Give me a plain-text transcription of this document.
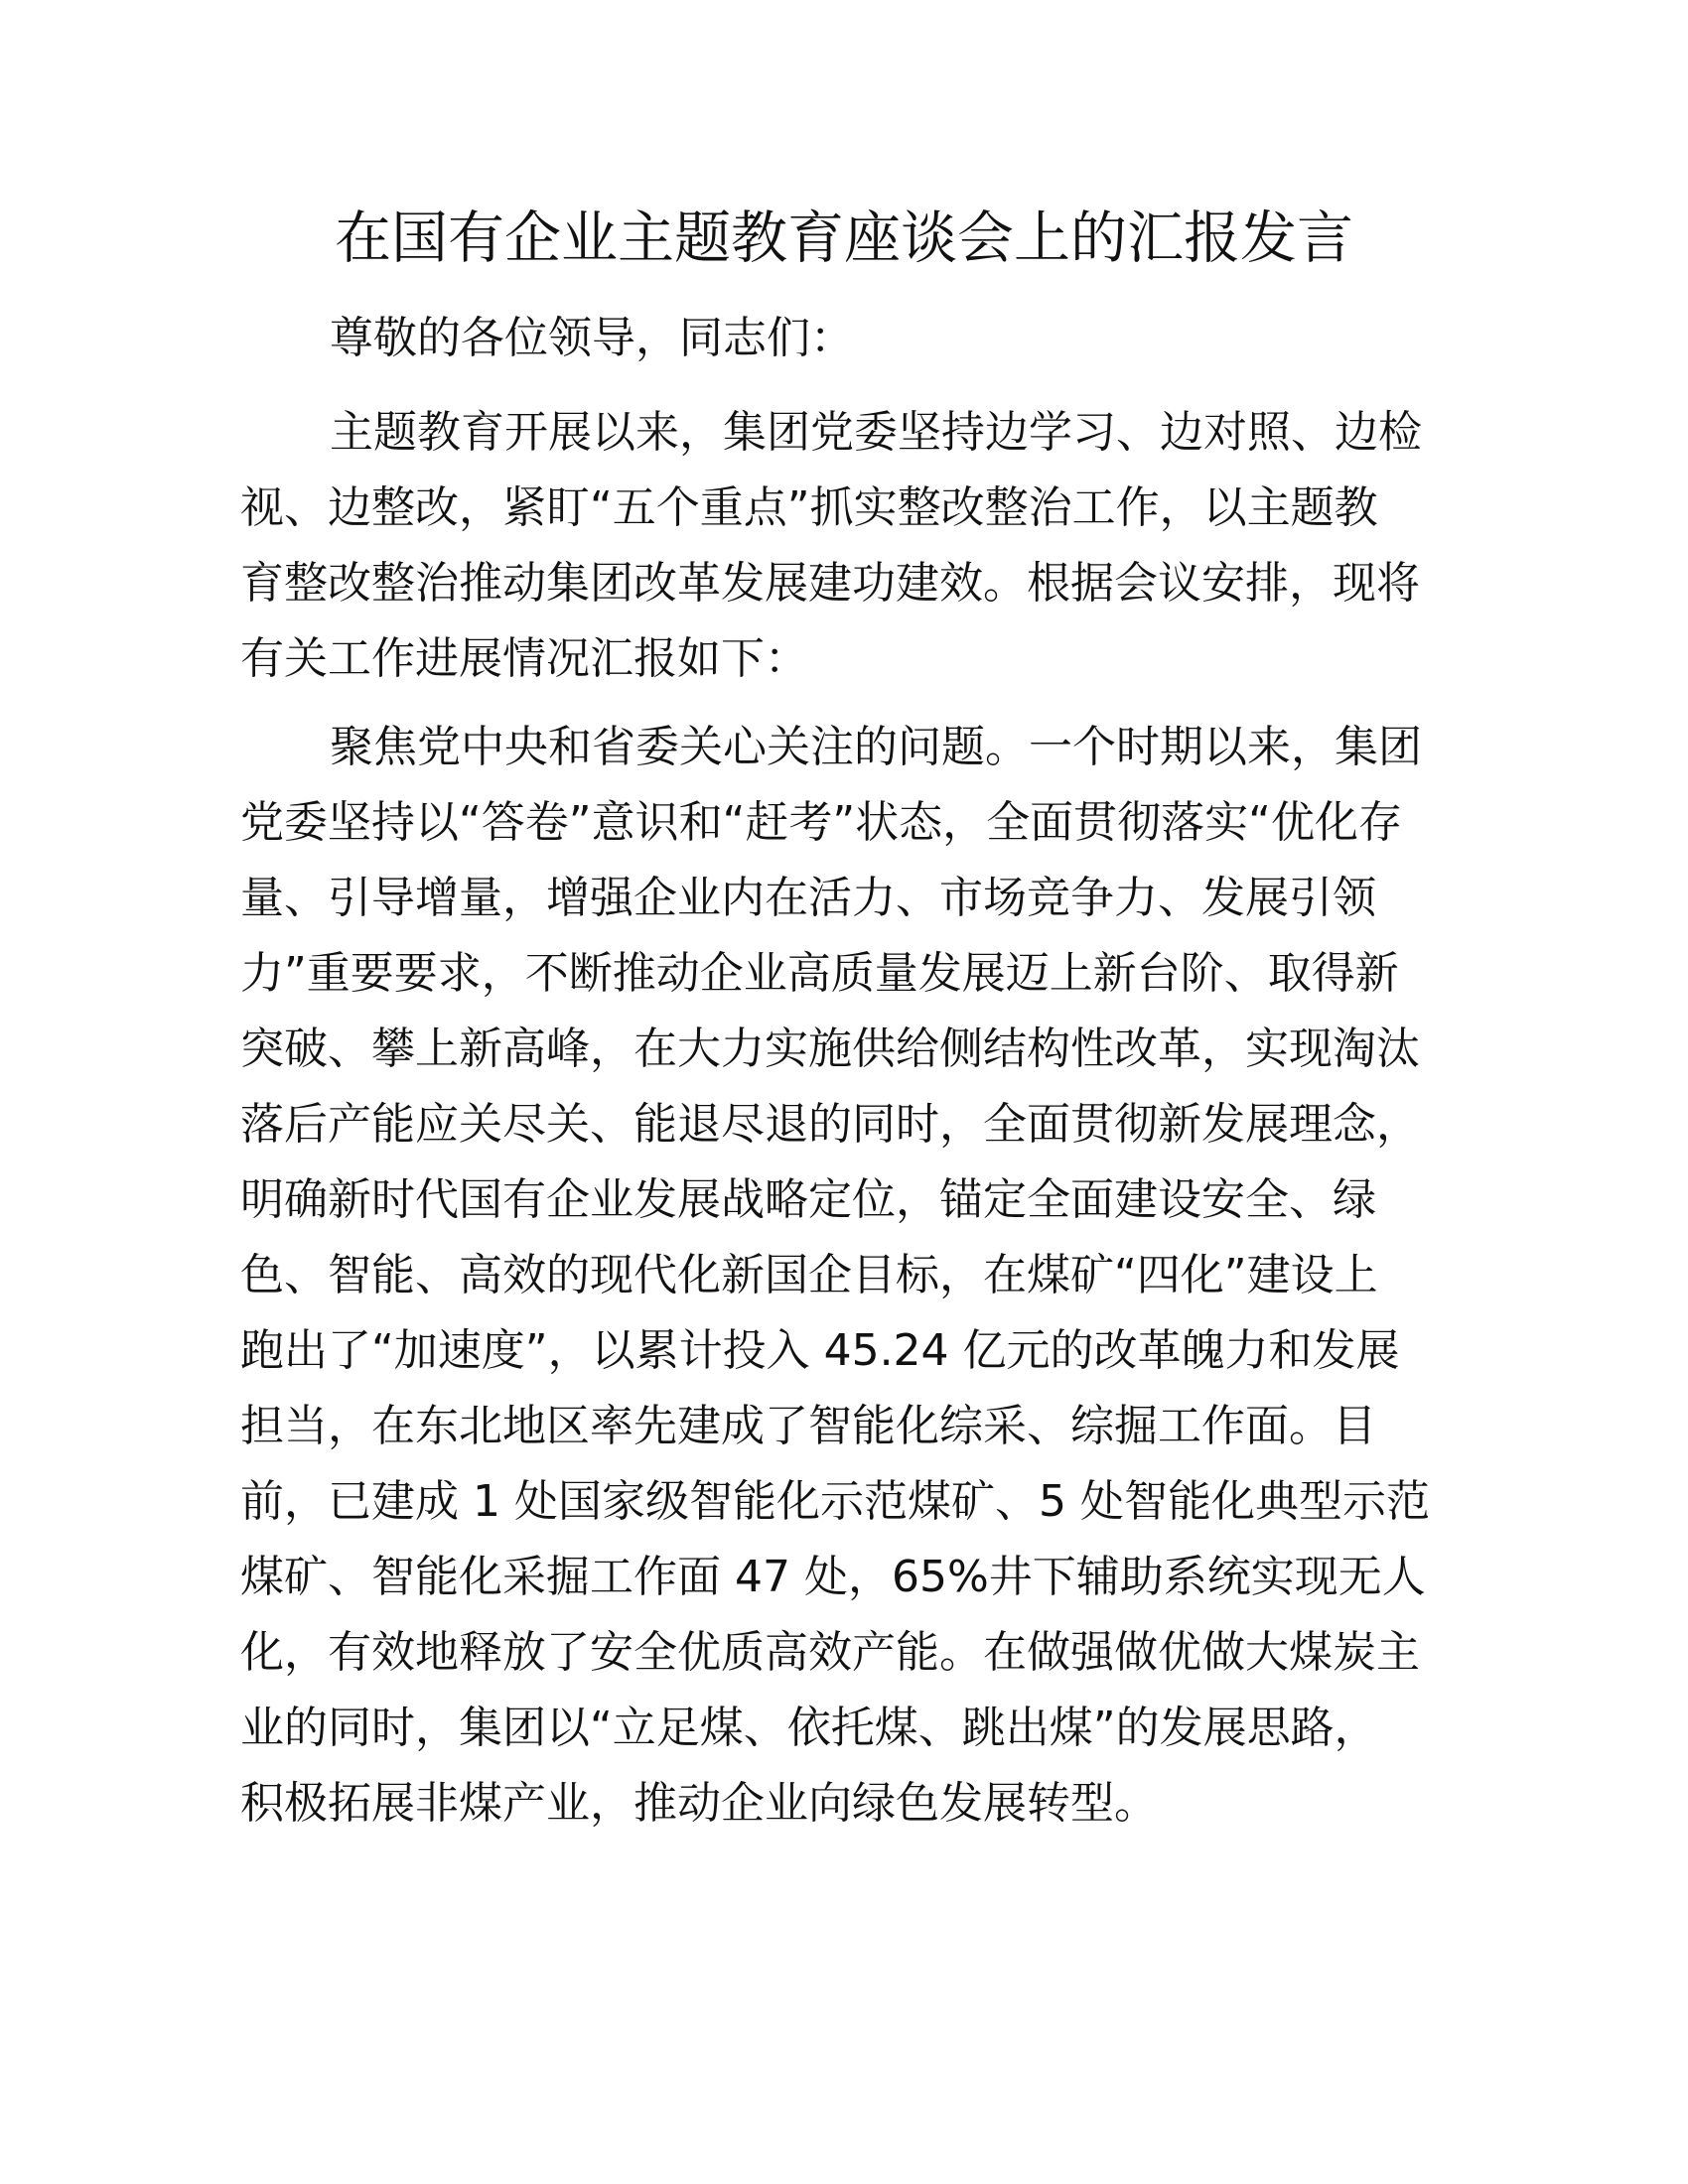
在国有企业主题教育座谈会上的汇报发言
尊敬的各位领导，同志们：
主题教育开展以来，集团党委坚持边学习、边对照、边检
视、边整改，紧盯“五个重点”抓实整改整治工作，以主题教
育整改整治推动集团改革发展建功建效。根据会议安排，现将
有关工作进展情况汇报如下：
聚焦党中央和省委关心关注的问题。一个时期以来，集团
党委坚持以“答卷”意识和“赶考”状态，全面贯彻落实“优化存
量、引导增量，增强企业内在活力、市场竞争力、发展引领
力”重要要求，不断推动企业高质量发展迈上新台阶、取得新
突破、攀上新高峰，在大力实施供给侧结构性改革，实现淘汰
落后产能应关尽关、能退尽退的同时，全面贯彻新发展理念，
明确新时代国有企业发展战略定位，锚定全面建设安全、绿
色、智能、高效的现代化新国企目标，在煤矿“四化”建设上
跑出了“加速度”，以累计投入 45.24 亿元的改革魄力和发展
担当，在东北地区率先建成了智能化综采、综掘工作面。目
前，已建成 1 处国家级智能化示范煤矿、5 处智能化典型示范
煤矿、智能化采掘工作面 47 处，65%井下辅助系统实现无人
化，有效地释放了安全优质高效产能。在做强做优做大煤炭主
业的同时，集团以“立足煤、依托煤、跳出煤”的发展思路，
积极拓展非煤产业，推动企业向绿色发展转型。
